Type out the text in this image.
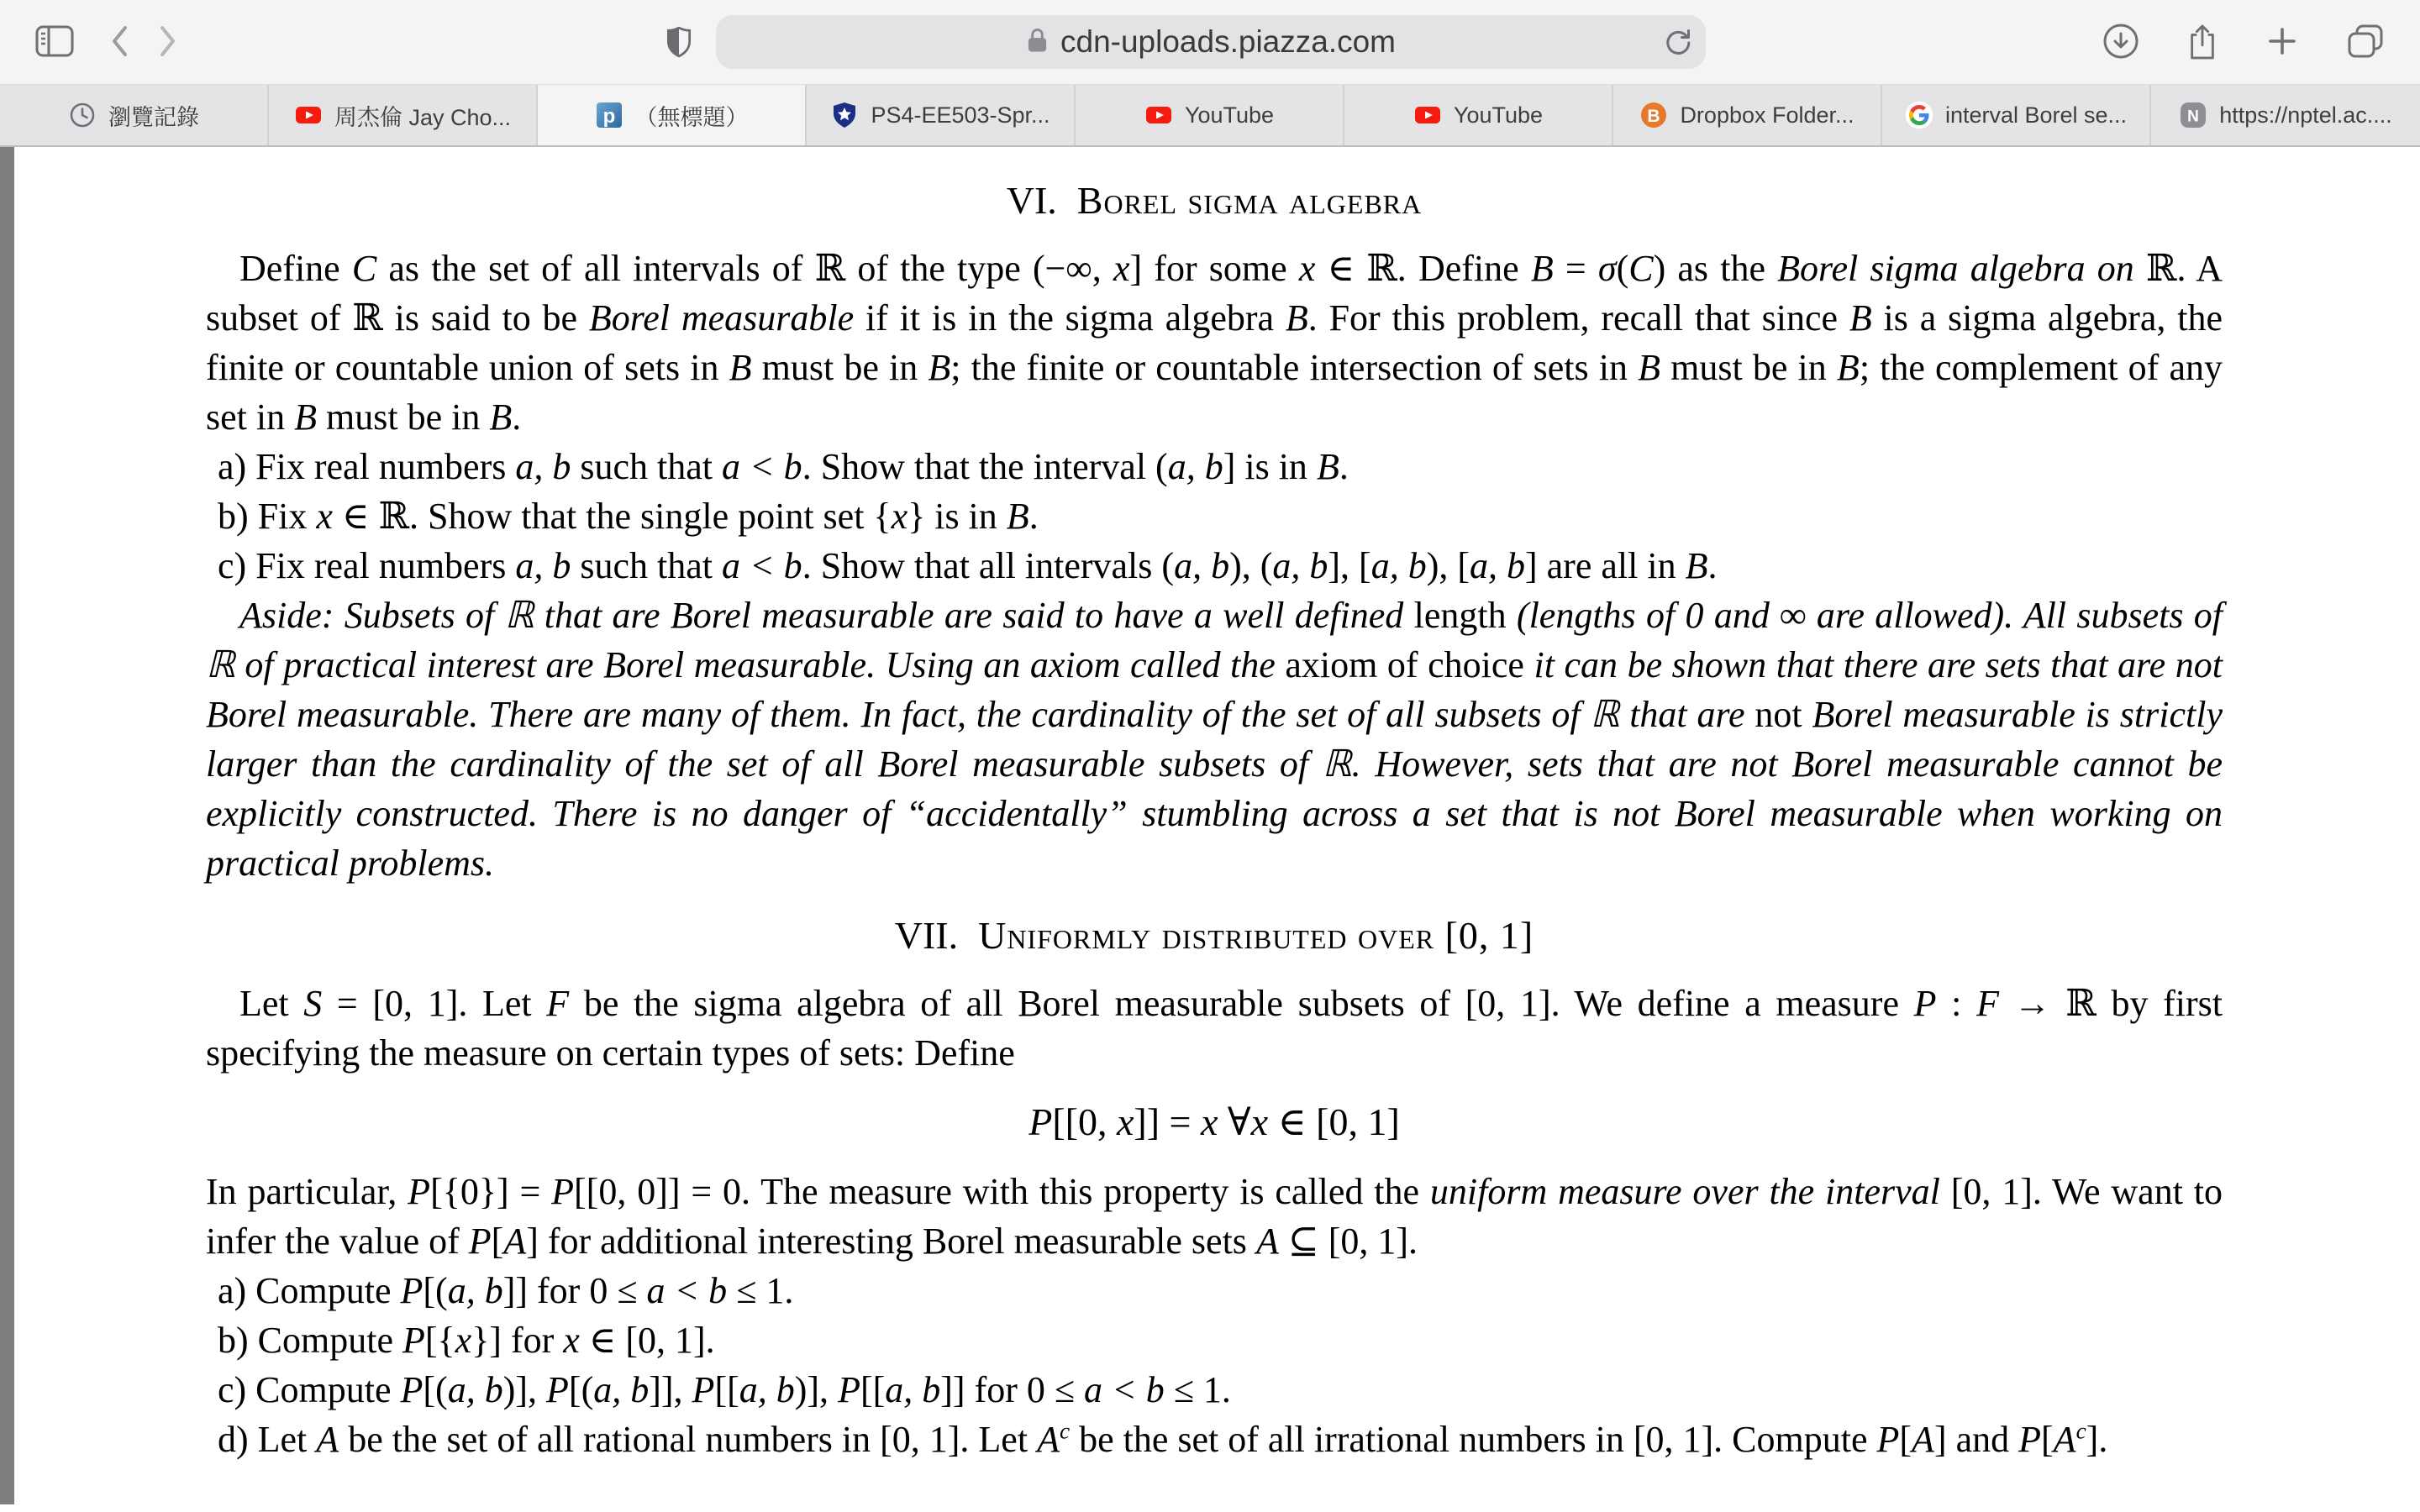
cdn-uploads.piazza.com
瀏覽記錄	周杰倫 Jay Cho...	p （無標題）	PS4-EE503-Spr...	YouTube	YouTube	B Dropbox Folder...	interval Borel se...	N https://nptel.ac....
VI. Borel sigma algebra

Define C as the set of all intervals of ℝ of the type (−∞, x] for some x ∈ ℝ. Define B = σ(C) as the Borel sigma algebra on ℝ. A subset of ℝ is said to be Borel measurable if it is in the sigma algebra B. For this problem, recall that since B is a sigma algebra, the finite or countable union of sets in B must be in B; the finite or countable intersection of sets in B must be in B; the complement of any set in B must be in B.

a) Fix real numbers a, b such that a < b. Show that the interval (a, b] is in B.

b) Fix x ∈ ℝ. Show that the single point set {x} is in B.

c) Fix real numbers a, b such that a < b. Show that all intervals (a, b), (a, b], [a, b), [a, b] are all in B.

Aside: Subsets of ℝ that are Borel measurable are said to have a well defined length (lengths of 0 and ∞ are allowed). All subsets of ℝ of practical interest are Borel measurable. Using an axiom called the axiom of choice it can be shown that there are sets that are not Borel measurable. There are many of them. In fact, the cardinality of the set of all subsets of ℝ that are not Borel measurable is strictly larger than the cardinality of the set of all Borel measurable subsets of ℝ. However, sets that are not Borel measurable cannot be explicitly constructed. There is no danger of “accidentally” stumbling across a set that is not Borel measurable when working on practical problems.

VII. Uniformly distributed over [0, 1]

Let S = [0, 1]. Let F be the sigma algebra of all Borel measurable subsets of [0, 1]. We define a measure P : F → ℝ by first specifying the measure on certain types of sets: Define

P[[0, x]] = x ∀x ∈ [0, 1]

In particular, P[{0}] = P[[0, 0]] = 0. The measure with this property is called the uniform measure over the interval [0, 1]. We want to infer the value of P[A] for additional interesting Borel measurable sets A ⊆ [0, 1].

a) Compute P[(a, b]] for 0 ≤ a < b ≤ 1.

b) Compute P[{x}] for x ∈ [0, 1].

c) Compute P[(a, b)], P[(a, b]], P[[a, b)], P[[a, b]] for 0 ≤ a < b ≤ 1.

d) Let A be the set of all rational numbers in [0, 1]. Let $A^c$ be the set of all irrational numbers in [0, 1]. Compute P[A] and $P[A^c]$.
